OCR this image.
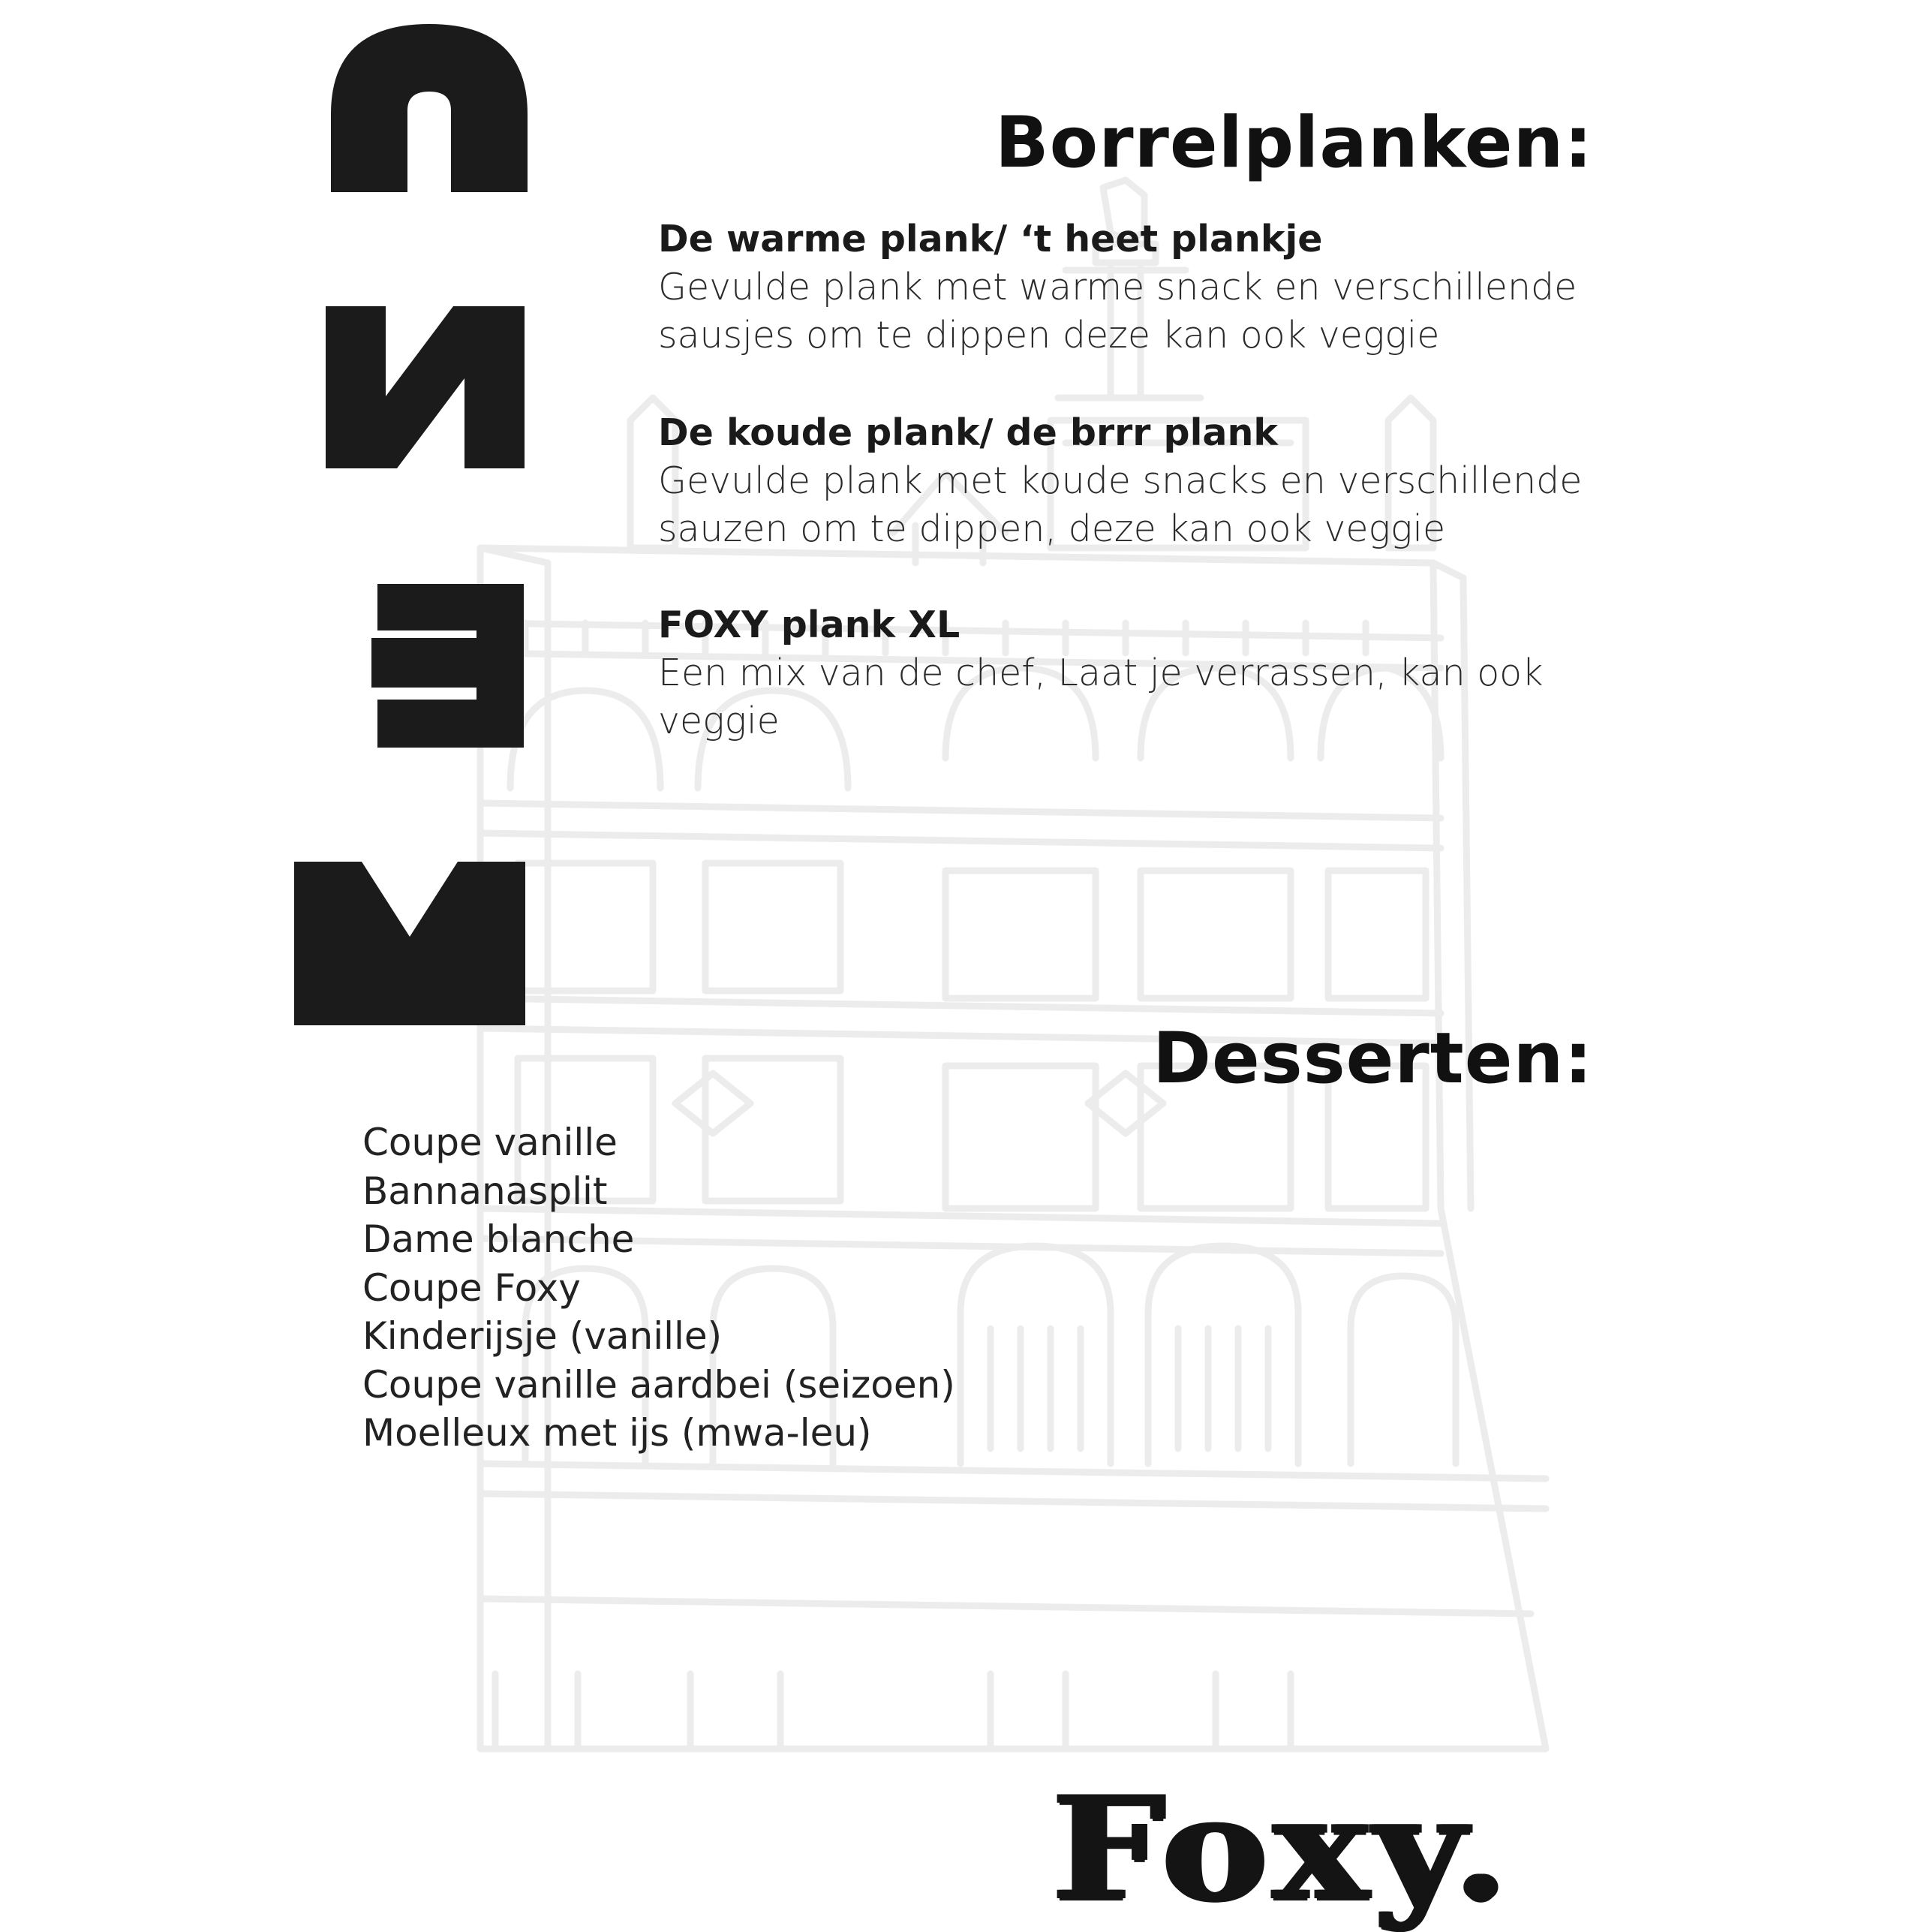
Borrelplanken:
De warme plank/ ‘t heet plankje
Gevulde plank met warme snack en verschillende
sausjes om te dippen deze kan ook veggie
De koude plank/ de brrr plank
Gevulde plank met koude snacks en verschillende
sauzen om te dippen, deze kan ook veggie
FOXY plank XL
Een mix van de chef, Laat je verrassen, kan ook
veggie
Desserten:
Coupe vanille
Bannanasplit
Dame blanche
Coupe Foxy
Kinderijsje (vanille)
Coupe vanille aardbei (seizoen)
Moelleux met ijs (mwa-leu)
Foxy.
